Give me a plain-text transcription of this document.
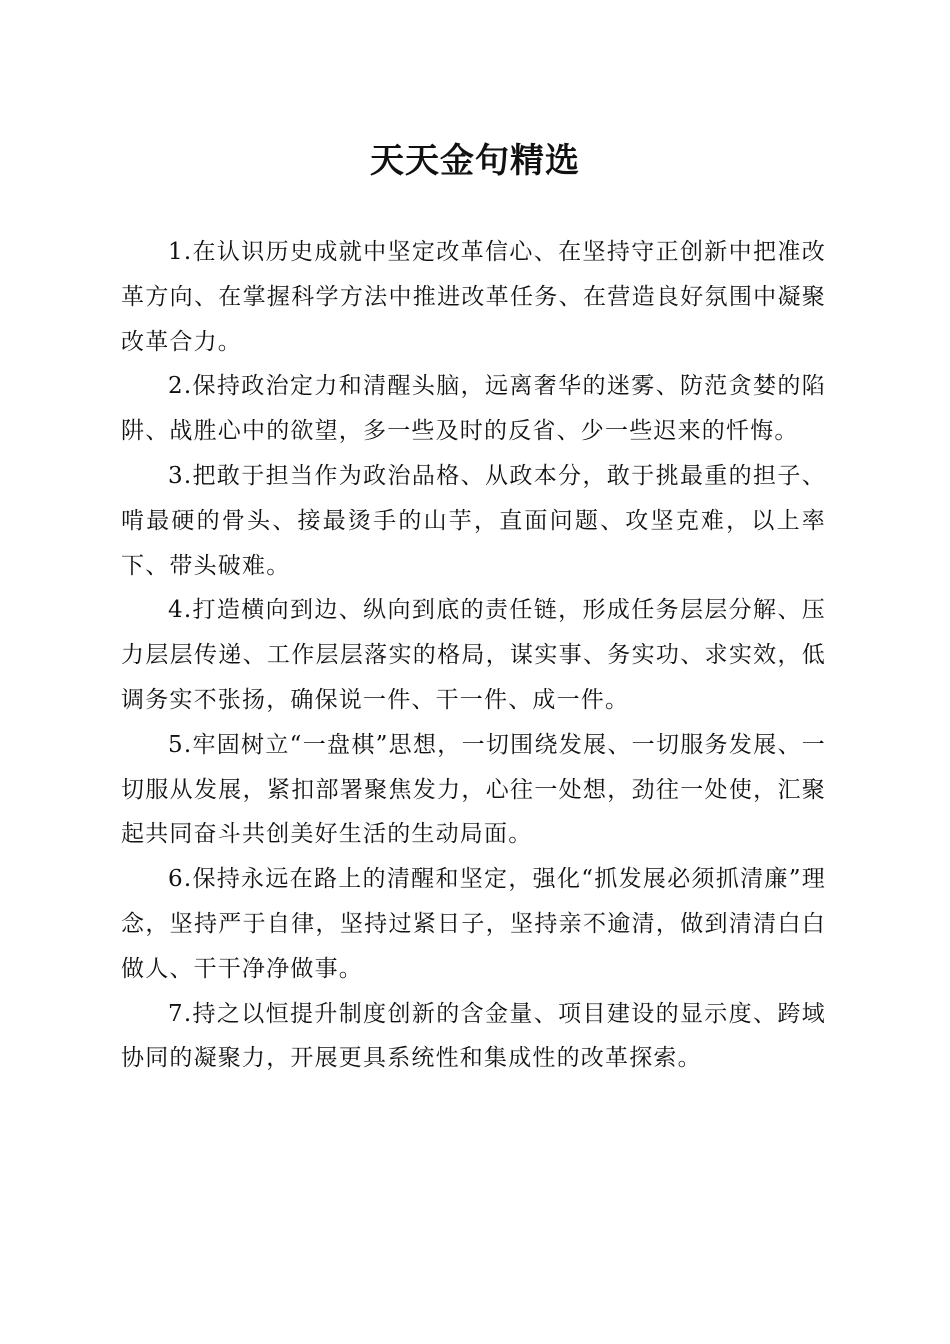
天天金句精选

1.在认识历史成就中坚定改革信心、在坚持守正创新中把准改革方向、在掌握科学方法中推进改革任务、在营造良好氛围中凝聚改革合力。

2.保持政治定力和清醒头脑，远离奢华的迷雾、防范贪婪的陷阱、战胜心中的欲望，多一些及时的反省、少一些迟来的忏悔。

3.把敢于担当作为政治品格、从政本分，敢于挑最重的担子、啃最硬的骨头、接最烫手的山芋，直面问题、攻坚克难，以上率下、带头破难。

4.打造横向到边、纵向到底的责任链，形成任务层层分解、压力层层传递、工作层层落实的格局，谋实事、务实功、求实效，低调务实不张扬，确保说一件、干一件、成一件。

5.牢固树立“一盘棋”思想，一切围绕发展、一切服务发展、一切服从发展，紧扣部署聚焦发力，心往一处想，劲往一处使，汇聚起共同奋斗共创美好生活的生动局面。

6.保持永远在路上的清醒和坚定，强化“抓发展必须抓清廉”理念，坚持严于自律，坚持过紧日子，坚持亲不逾清，做到清清白白做人、干干净净做事。

7.持之以恒提升制度创新的含金量、项目建设的显示度、跨域协同的凝聚力，开展更具系统性和集成性的改革探索。
